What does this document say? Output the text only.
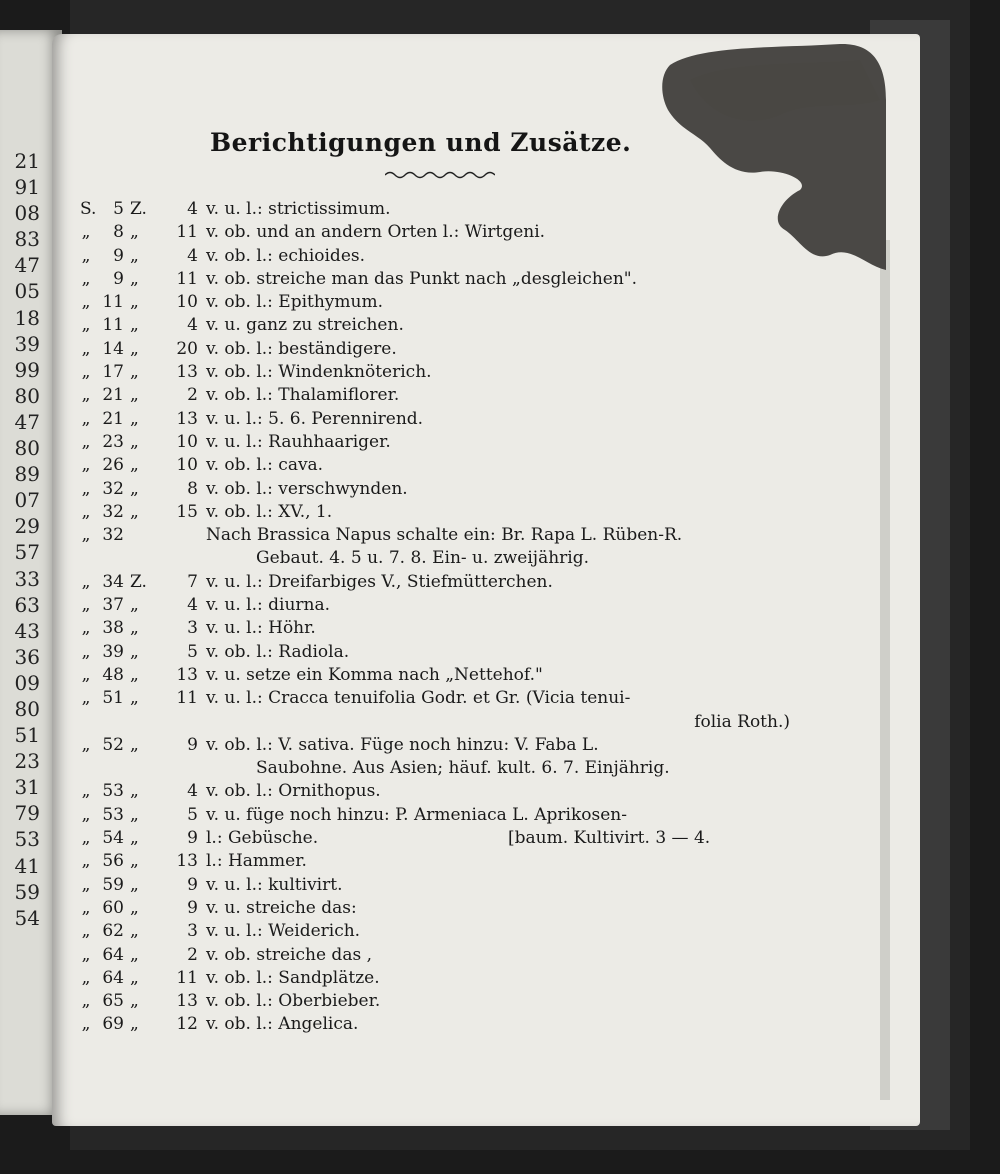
21
91
08
83
47
05
18
39
99
80
47
80
89
07
29
57
33
63
43
36
09
80
51
23
31
79
53
41
59
54
Berichtigungen und Zusätze.
S. 5 Z.	4 v. u. l.: strictissimum.
„	8 „	11 v. ob. und an andern Orten l.: Wirtgeni.
„	9 „	4 v. ob. l.: echioides.
„	9 „	11 v. ob. streiche man das Punkt nach „desgleichen".
„ 11 „	10 v. ob. l.: Epithymum.
„ 11 „	4 v. u. ganz zu streichen.
„ 14 „	20 v. ob. l.: beständigere.
„ 17 „	13 v. ob. l.: Windenknöterich.
„ 21 „	2 v. ob. l.: Thalamiflorer.
„ 21 „	13 v. u. l.: 5. 6. Perennirend.
„ 23 „	10 v. u. l.: Rauhhaariger.
„ 26 „	10 v. ob. l.: cava.
„ 32 „	8 v. ob. l.: verschwynden.
„ 32 „	15 v. ob. l.: XV., 1.
„ 32	Nach Brassica Napus schalte ein: Br. Rapa L. Rüben-R.
Gebaut. 4. 5 u. 7. 8. Ein- u. zweijährig.
„ 34 Z.	7 v. u. l.: Dreifarbiges V., Stiefmütterchen.
„ 37 „	4 v. u. l.: diurna.
„ 38 „	3 v. u. l.: Höhr.
„ 39 „	5 v. ob. l.: Radiola.
„ 48 „	13 v. u. setze ein Komma nach „Nettehof."
„ 51 „	11 v. u. l.: Cracca tenuifolia Godr. et Gr. (Vicia tenui-
folia Roth.)
„ 52 „	9 v. ob. l.: V. sativa. Füge noch hinzu: V. Faba L.
Saubohne. Aus Asien; häuf. kult. 6. 7. Einjährig.
„ 53 „	4 v. ob. l.: Ornithopus.
„ 53 „	5 v. u. füge noch hinzu: P. Armeniaca L. Aprikosen-
„ 54 „	9 l.: Gebüsche.	[baum. Kultivirt. 3 — 4.
„ 56 „	13 l.: Hammer.
„ 59 „	9 v. u. l.: kultivirt.
„ 60 „	9 v. u. streiche das:
„ 62 „	3 v. u. l.: Weiderich.
„ 64 „	2 v. ob. streiche das ,
„ 64 „	11 v. ob. l.: Sandplätze.
„ 65 „	13 v. ob. l.: Oberbieber.
„ 69 „	12 v. ob. l.: Angelica.
